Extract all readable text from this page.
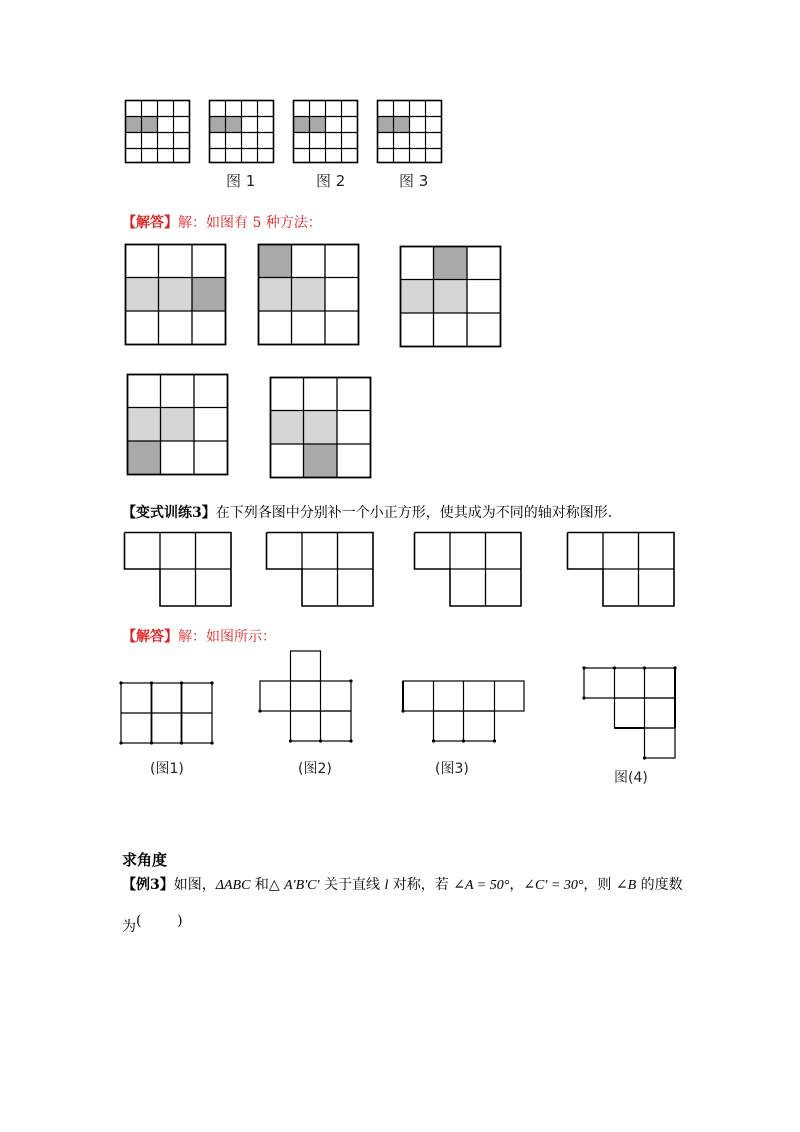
图 1	图 2	图 3
【解答】解：如图有 5 种方法：
【变式训练3】在下列各图中分别补一个小正方形，使其成为不同的轴对称图形.
【解答】解：如图所示：
(图1)	(图2)	(图3)
图(4)
求角度
【例3】如图，ΔABC 和△ A'B'C' 关于直线 l 对称，若 ∠A = 50°，∠C' = 30°，则 ∠B 的度数
为(        )
